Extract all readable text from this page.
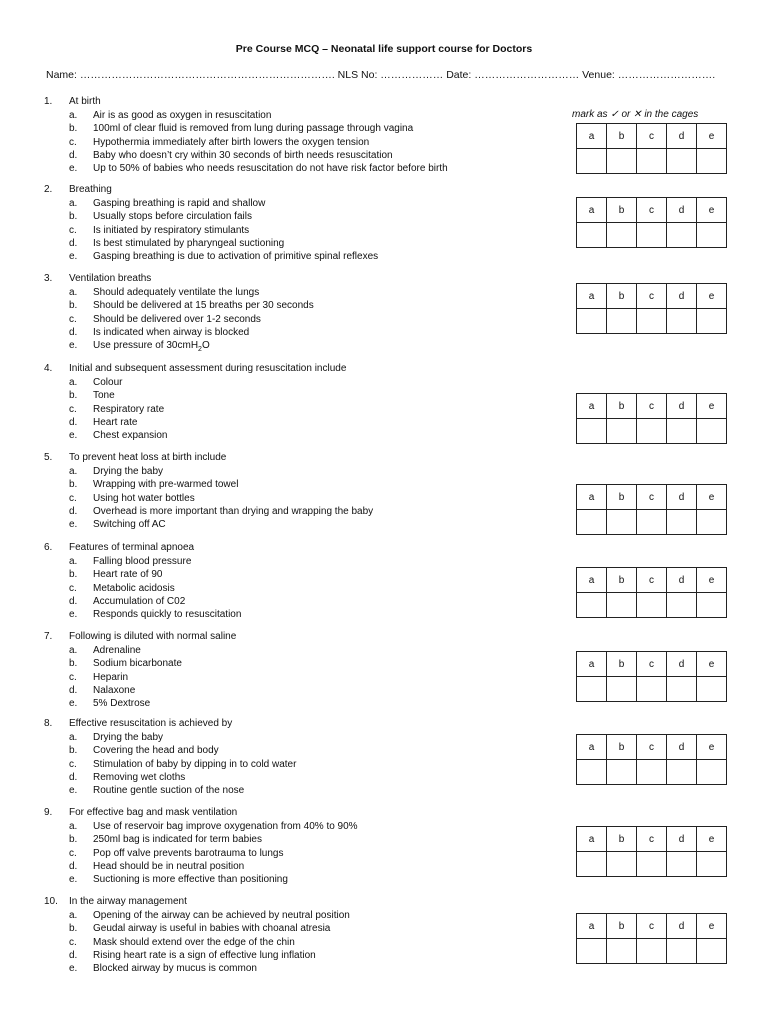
Pre Course MCQ – Neonatal life support course for Doctors
Name: ………………………………………………………………. NLS No: ……………… Date: ………………………… Venue: ……………………….
mark as ✓ or ✕ in the cages
1. At birth
a. Air is as good as oxygen in resuscitation
b. 100ml of clear fluid is removed from lung during passage through vagina
c. Hypothermia immediately after birth lowers the oxygen tension
d. Baby who doesn’t cry within 30 seconds of birth needs resuscitation
e. Up to 50% of babies who needs resuscitation do not have risk factor before birth
a	b	c	d	e

2. Breathing
a. Gasping breathing is rapid and shallow
b. Usually stops before circulation fails
c. Is initiated by respiratory stimulants
d. Is best stimulated by pharyngeal suctioning
e. Gasping breathing is due to activation of primitive spinal reflexes
a	b	c	d	e

3. Ventilation breaths
a. Should adequately ventilate the lungs
b. Should be delivered at 15 breaths per 30 seconds
c. Should be delivered over 1-2 seconds
d. Is indicated when airway is blocked
e. Use pressure of 30cmH$_2$O
a	b	c	d	e

4. Initial and subsequent assessment during resuscitation include
a. Colour
b. Tone
c. Respiratory rate
d. Heart rate
e. Chest expansion
a	b	c	d	e

5. To prevent heat loss at birth include
a. Drying the baby
b. Wrapping with pre-warmed towel
c. Using hot water bottles
d. Overhead is more important than drying and wrapping the baby
e. Switching off AC
a	b	c	d	e

6. Features of terminal apnoea
a. Falling blood pressure
b. Heart rate of 90
c. Metabolic acidosis
d. Accumulation of C02
e. Responds quickly to resuscitation
a	b	c	d	e

7. Following is diluted with normal saline
a. Adrenaline
b. Sodium bicarbonate
c. Heparin
d. Nalaxone
e. 5% Dextrose
a	b	c	d	e

8. Effective resuscitation is achieved by
a. Drying the baby
b. Covering the head and body
c. Stimulation of baby by dipping in to cold water
d. Removing wet cloths
e. Routine gentle suction of the nose
a	b	c	d	e

9. For effective bag and mask ventilation
a. Use of reservoir bag improve oxygenation from 40% to 90%
b. 250ml bag is indicated for term babies
c. Pop off valve prevents barotrauma to lungs
d. Head should be in neutral position
e. Suctioning is more effective than positioning
a	b	c	d	e

10. In the airway management
a. Opening of the airway can be achieved by neutral position
b. Geudal airway is useful in babies with choanal atresia
c. Mask should extend over the edge of the chin
d. Rising heart rate is a sign of effective lung inflation
e. Blocked airway by mucus is common
a	b	c	d	e
